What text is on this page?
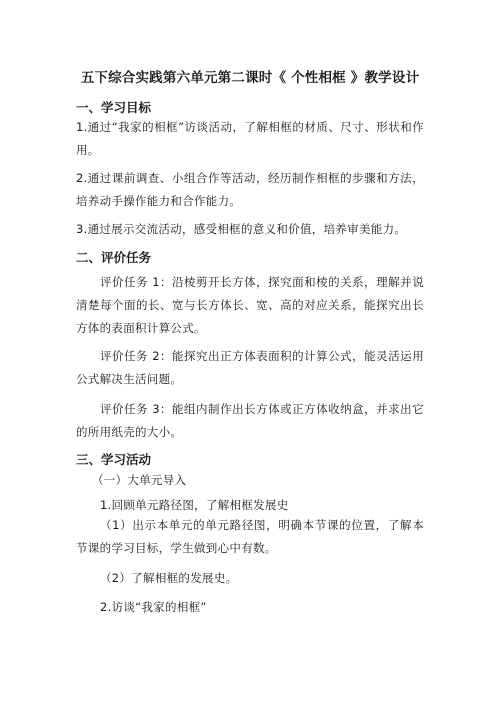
五下综合实践第六单元第二课时《 个性相框 》教学设计
一、学习目标
1.通过“我家的相框”访谈活动，了解相框的材质、尺寸、形状和作用。
2.通过课前调查、小组合作等活动，经历制作相框的步骤和方法，培养动手操作能力和合作能力。
3.通过展示交流活动，感受相框的意义和价值，培养审美能力。
二、评价任务
评价任务 1：沿棱剪开长方体，探究面和棱的关系，理解并说清楚每个面的长、宽与长方体长、宽、高的对应关系，能探究出长方体的表面积计算公式。
评价任务 2：能探究出正方体表面积的计算公式，能灵活运用公式解决生活问题。
评价任务 3：能组内制作出长方体或正方体收纳盒，并求出它的所用纸壳的大小。
三、学习活动
（一）大单元导入
1.回顾单元路径图，了解相框发展史
（1）出示本单元的单元路径图，明确本节课的位置，了解本节课的学习目标，学生做到心中有数。
（2）了解相框的发展史。
2.访谈“我家的相框”
